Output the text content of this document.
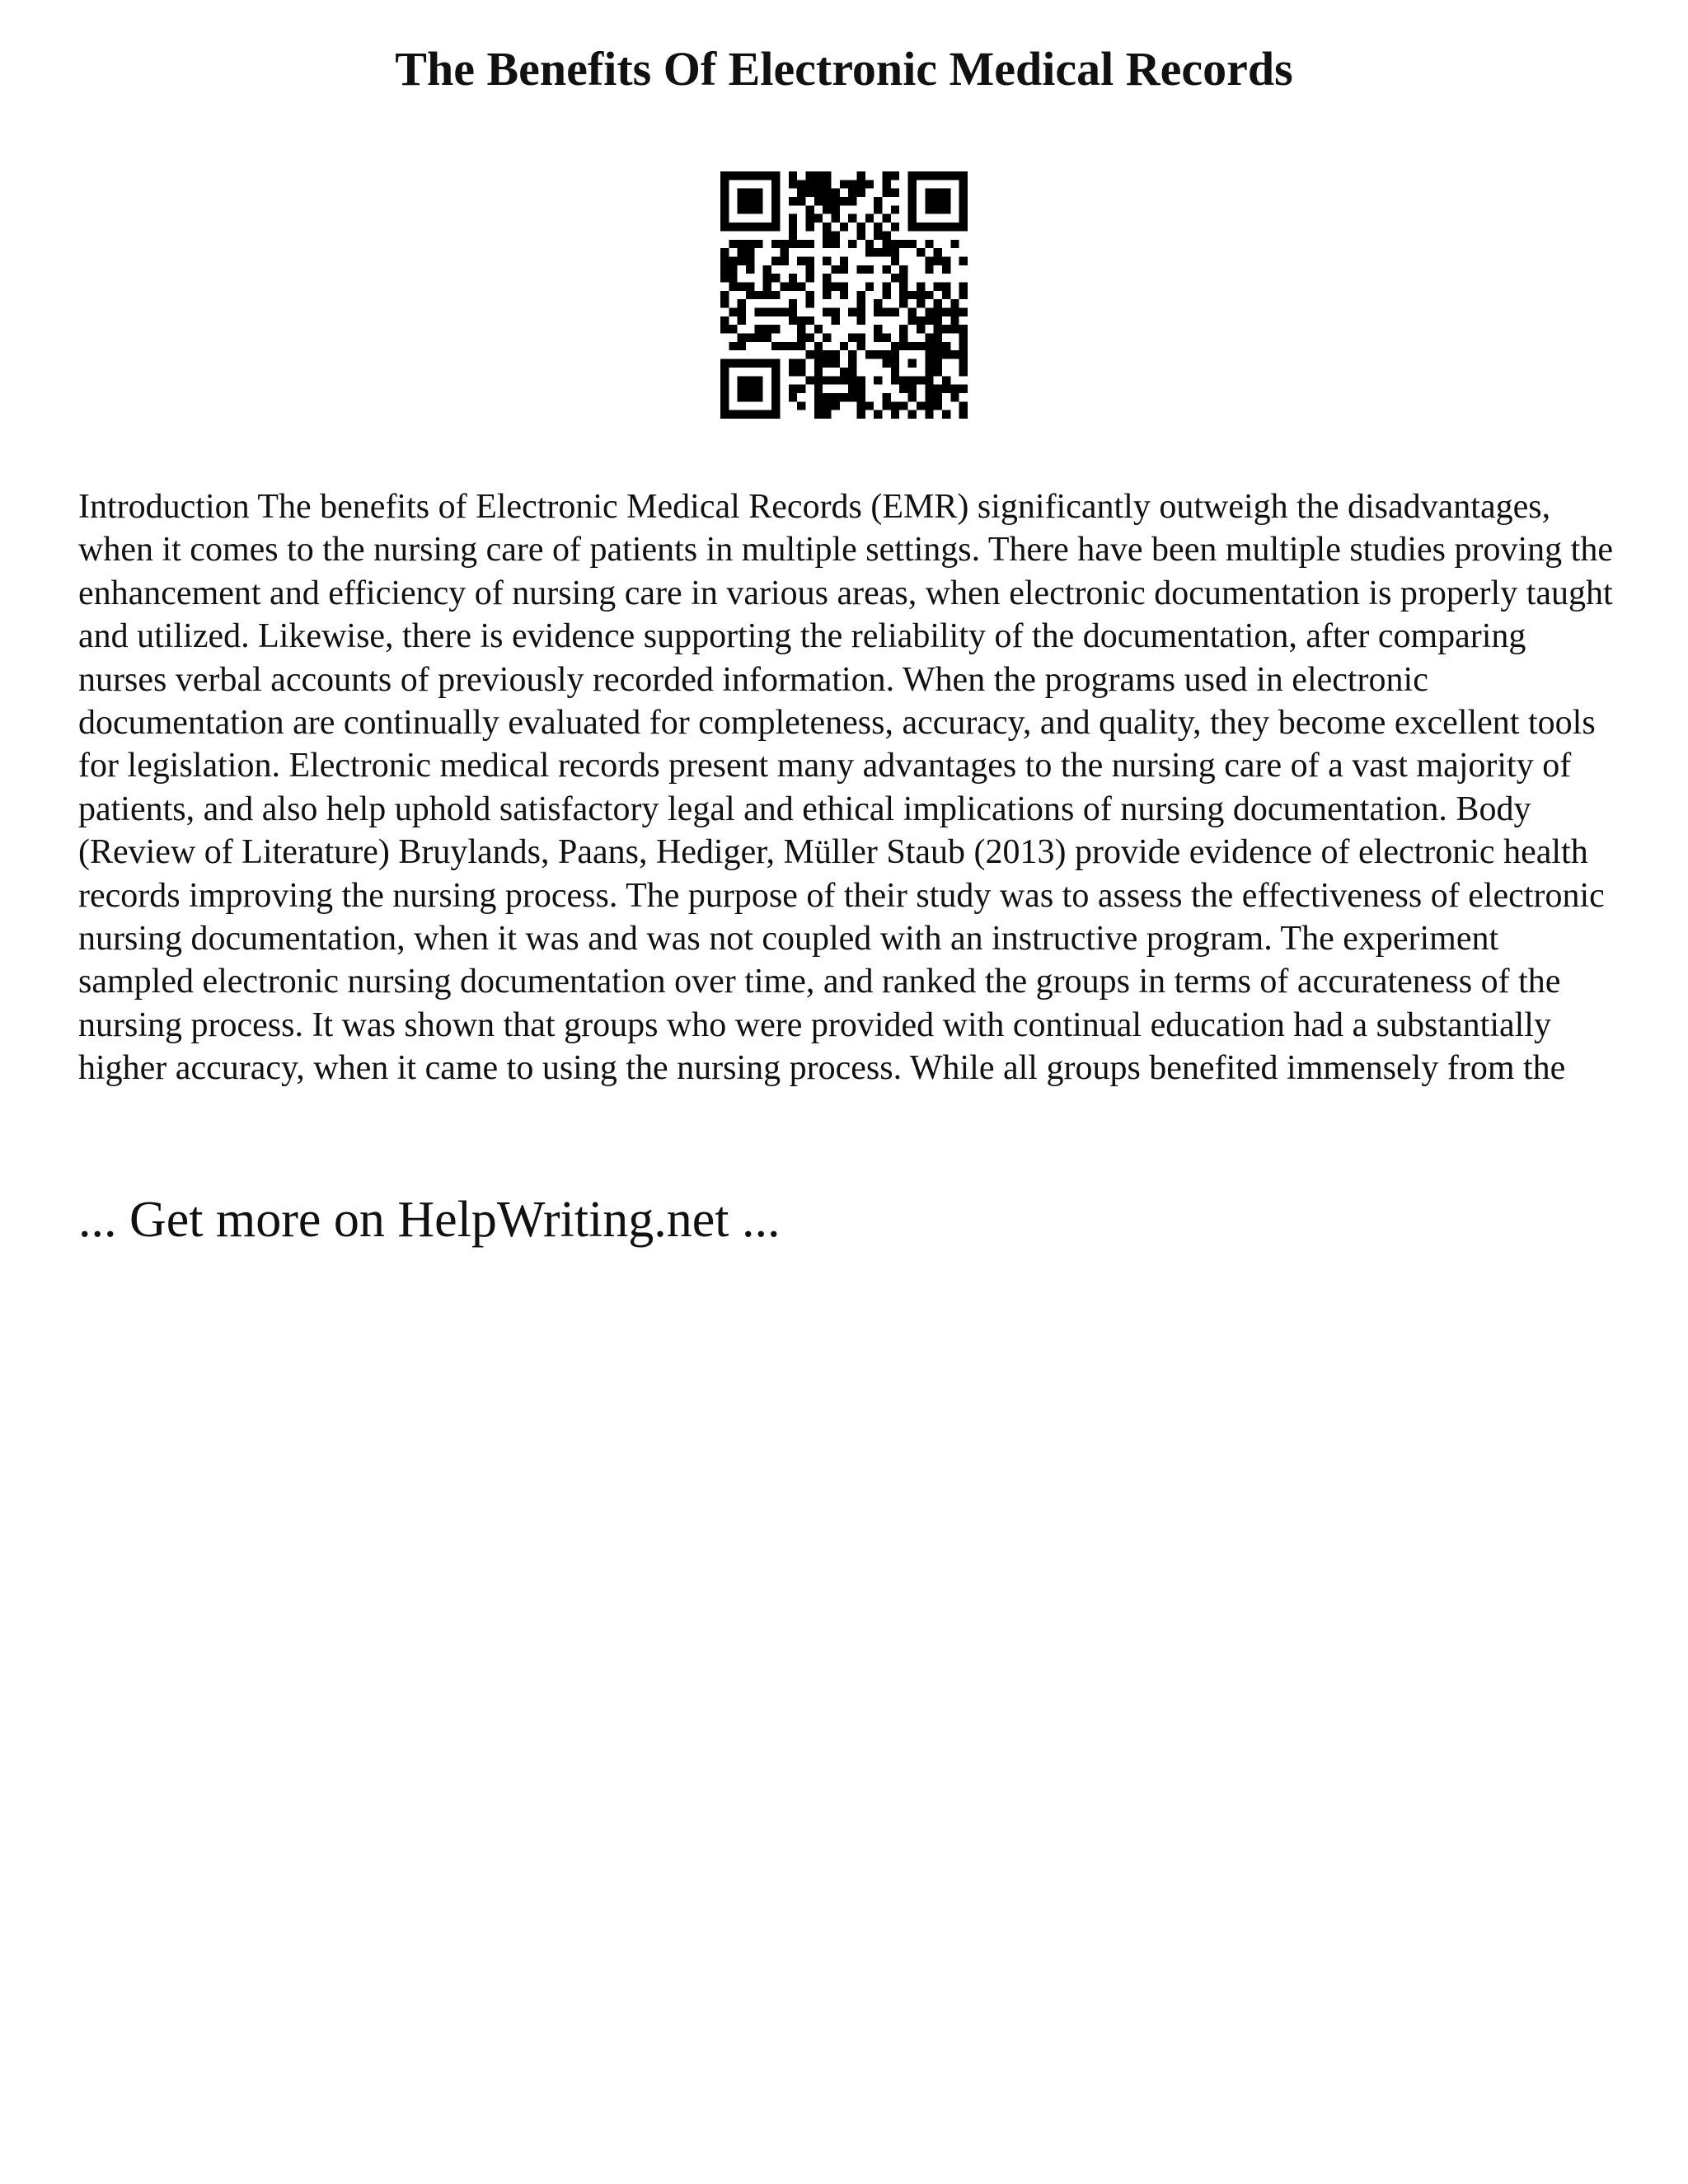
The Benefits Of Electronic Medical Records

Introduction The benefits of Electronic Medical Records (EMR) significantly outweigh the disadvantages, when it comes to the nursing care of patients in multiple settings. There have been multiple studies proving the enhancement and efficiency of nursing care in various areas, when electronic documentation is properly taught and utilized. Likewise, there is evidence supporting the reliability of the documentation, after comparing nurses verbal accounts of previously recorded information. When the programs used in electronic documentation are continually evaluated for completeness, accuracy, and quality, they become excellent tools for legislation. Electronic medical records present many advantages to the nursing care of a vast majority of patients, and also help uphold satisfactory legal and ethical implications of nursing documentation. Body (Review of Literature) Bruylands, Paans, Hediger, Müller Staub (2013) provide evidence of electronic health records improving the nursing process. The purpose of their study was to assess the effectiveness of electronic nursing documentation, when it was and was not coupled with an instructive program. The experiment sampled electronic nursing documentation over time, and ranked the groups in terms of accurateness of the nursing process. It was shown that groups who were provided with continual education had a substantially higher accuracy, when it came to using the nursing process. While all groups benefited immensely from the

... Get more on HelpWriting.net ...
